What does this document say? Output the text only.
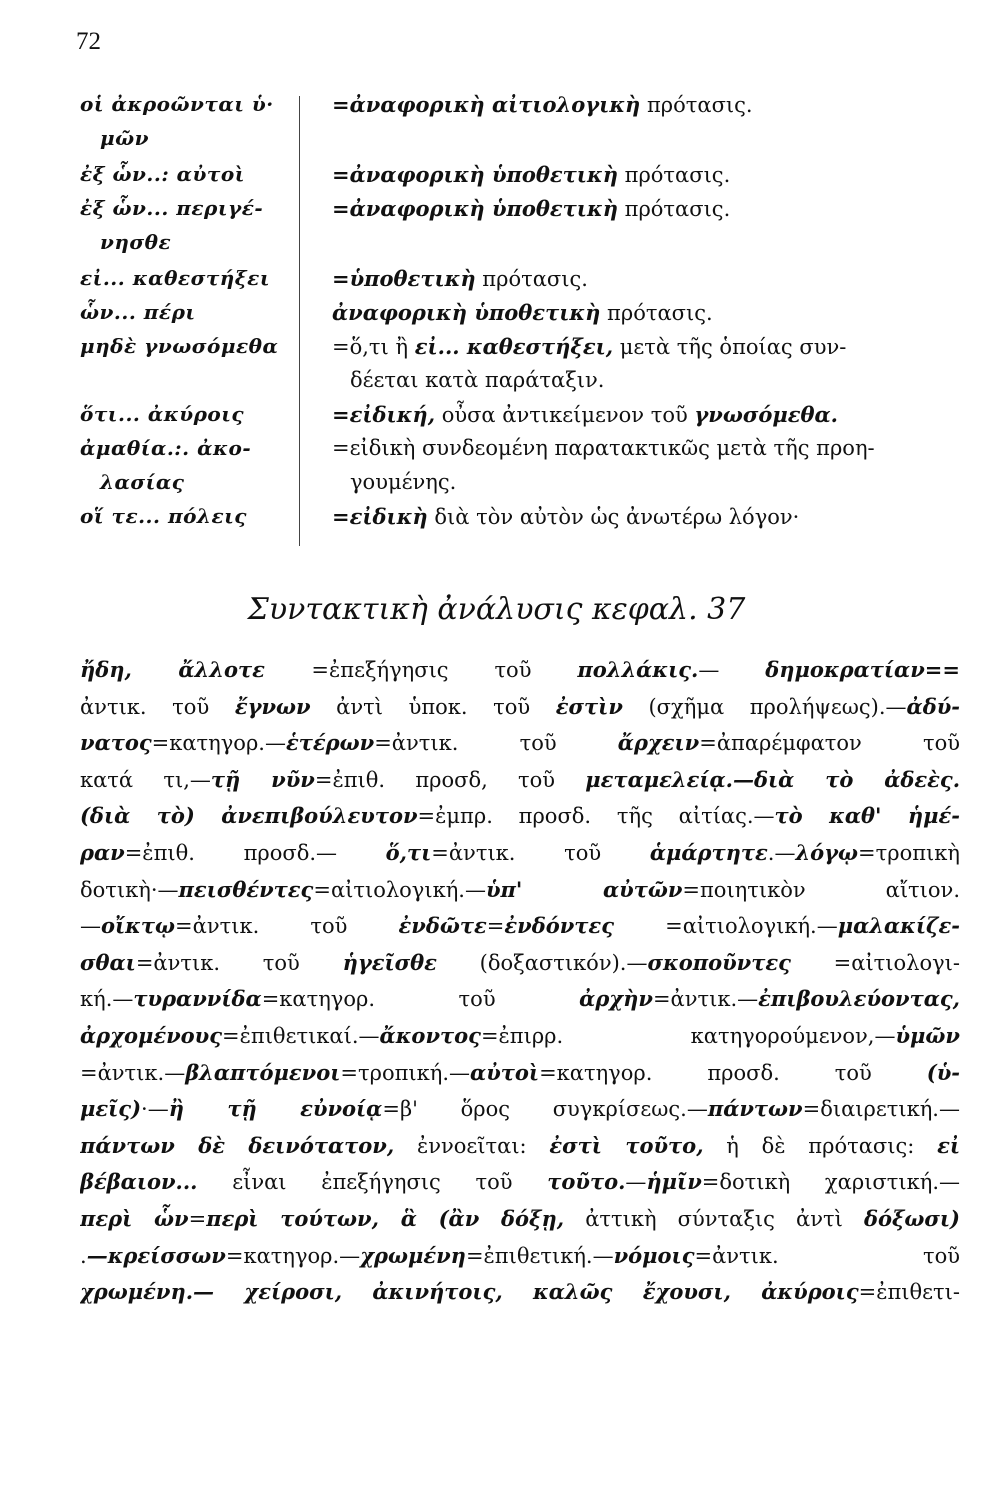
72
οἱ ἀκροῶνται ὑ·	=ἀναφορικὴ αἰτιολογικὴ πρότασις.
μῶν
ἐξ ὧν..: αὐτοὶ	=ἀναφορικὴ ὑποθετικὴ πρότασις.
ἐξ ὧν... περιγέ-	=ἀναφορικὴ ὑποθετικὴ πρότασις.
νησθε
εἰ... καθεστήξει	=ὑποθετικὴ πρότασις.
ὧν... πέρι	ἀναφορικὴ ὑποθετικὴ πρότασις.
μηδὲ γνωσόμεθα	=ὅ,τι ἢ εἰ... καθεστήξει, μετὰ τῆς ὁποίας συν-
δέεται κατὰ παράταξιν.
ὅτι... ἀκύροις	=εἰδική, οὖσα ἀντικείμενον τοῦ γνωσόμεθα.
ἀμαθία.:. ἀκο-	=εἰδικὴ συνδεομένη παρατακτικῶς μετὰ τῆς προη-
λασίας	γουμένης.
οἵ τε... πόλεις	=εἰδικὴ διὰ τὸν αὐτὸν ὡς ἀνωτέρω λόγον·
Συντακτικὴ ἀνάλυσις κεφαλ. 37
ἤδη, ἄλλοτε =ἐπεξήγησις τοῦ πολλάκις.— δημοκρατίαν==
ἀντικ. τοῦ ἔγνων ἀντὶ ὑποκ. τοῦ ἐστὶν (σχῆμα προλήψεως).—ἀδύ-
νατος=κατηγορ.—ἑτέρων=ἀντικ. τοῦ ἄρχειν=ἀπαρέμφατον τοῦ
κατά τι,—τῇ νῦν=ἐπιθ. προσδ, τοῦ μεταμελείᾳ.—διὰ τὸ ἀδεὲς.
(διὰ τὸ) ἀνεπιβούλευτον=ἐμπρ. προσδ. τῆς αἰτίας.—τὸ καθ' ἡμέ-
ραν=ἐπιθ. προσδ.— ὅ,τι=ἀντικ. τοῦ ἁμάρτητε.—λόγῳ=τροπικὴ
δοτικὴ·—πεισθέντες=αἰτιολογική.—ὑπ' αὐτῶν=ποιητικὸν αἴτιον.
—οἴκτῳ=ἀντικ. τοῦ ἐνδῶτε=ἐνδόντες =αἰτιολογική.—μαλακίζε-
σθαι=ἀντικ. τοῦ ἡγεῖσθε (δοξαστικόν).—σκοποῦντες =αἰτιολογι-
κή.—τυραννίδα=κατηγορ. τοῦ ἀρχὴν=ἀντικ.—ἐπιβουλεύοντας,
ἀρχομένους=ἐπιθετικαί.—ἄκοντος=ἐπιρρ. κατηγορούμενον,—ὑμῶν
=ἀντικ.—βλαπτόμενοι=τροπική.—αὐτοὶ=κατηγορ. προσδ. τοῦ (ὑ-
μεῖς)·—ἢ τῇ εὐνοίᾳ=β' ὅρος συγκρίσεως.—πάντων=διαιρετική.—
πάντων δὲ δεινότατον, ἐννοεῖται: ἐστὶ τοῦτο, ἡ δὲ πρότασις: εἰ
βέβαιον... εἶναι ἐπεξήγησις τοῦ τοῦτο.—ἡμῖν=δοτικὴ χαριστική.—
περὶ ὧν=περὶ τούτων, ἃ (ἂν δόξῃ, ἀττικὴ σύνταξις ἀντὶ δόξωσι)
.—κρείσσων=κατηγορ.—χρωμένη=ἐπιθετική.—νόμοις=ἀντικ. τοῦ
χρωμένη.— χείροσι, ἀκινήτοις, καλῶς ἔχουσι, ἀκύροις=ἐπιθετι-
